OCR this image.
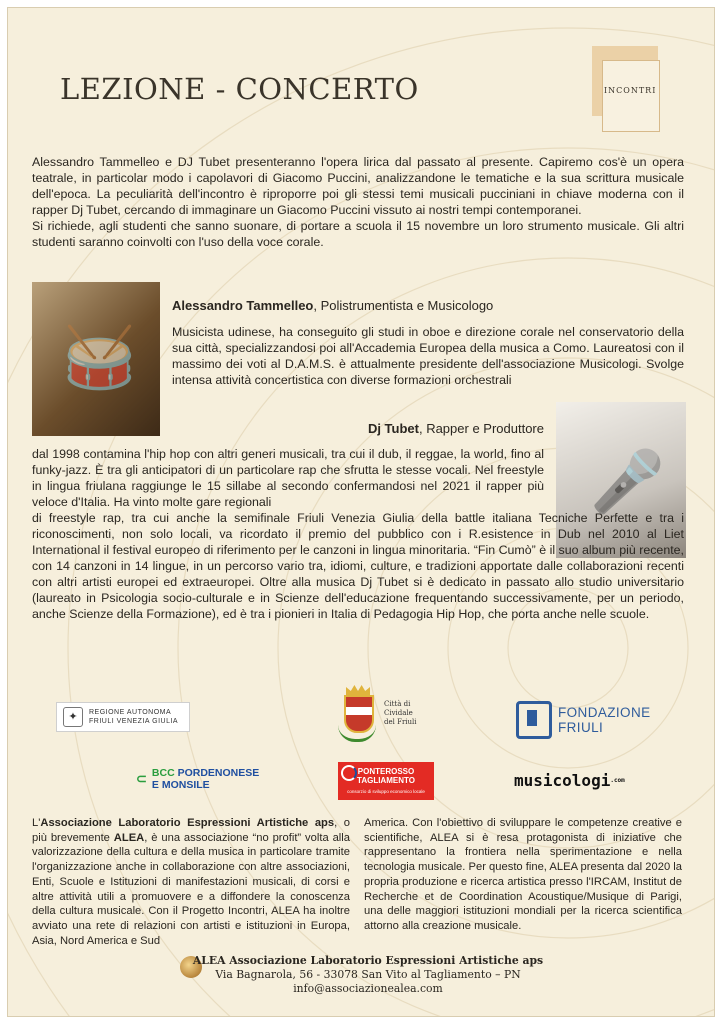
LEZIONE - CONCERTO	INCONTRI

Alessandro Tammelleo e DJ Tubet presenteranno l'opera lirica dal passato al presente. Capiremo cos'è un opera teatrale, in particolar modo i capolavori di Giacomo Puccini, analizzandone le tematiche e la sua scrittura musicale dell'epoca. La peculiarità dell'incontro è riproporre poi gli stessi temi musicali pucciniani in chiave moderna con il rapper Dj Tubet, cercando di immaginare un Giacomo Puccini vissuto ai nostri tempi contemporanei.

Si richiede, agli studenti che sanno suonare, di portare a scuola il 15 novembre un loro strumento musicale. Gli altri studenti saranno coinvolti con l'uso della voce corale.

🥁
Alessandro Tammelleo, Polistrumentista e Musicologo
Musicista udinese, ha conseguito gli studi in oboe e direzione corale nel conservatorio della sua città, specializzandosi poi all'Accademia Europea della musica a Como. Laureatosi con il massimo dei voti al D.A.M.S. è attualmente presidente dell'associazione Musicologi. Svolge intensa attività concertistica con diverse formazioni orchestrali
Dj Tubet, Rapper e Produttore
🎤
dal 1998 contamina l'hip hop con altri generi musicali, tra cui il dub, il reggae, la world, fino al funky-jazz. È tra gli anticipatori di un particolare rap che sfrutta le stesse vocali. Nel freestyle in lingua friulana raggiunge le 15 sillabe al secondo confermandosi nel 2021 il rapper più veloce d'Italia. Ha vinto molte gare regionali
di freestyle rap, tra cui anche la semifinale Friuli Venezia Giulia della battle italiana Tecniche Perfette e tra i riconoscimenti, non solo locali, va ricordato il premio del pubblico con i R.esistence in Dub nel 2010 al Liet International il festival europeo di riferimento per le canzoni in lingua minoritaria. “Fin Cumò” è il suo album più recente, con 14 canzoni in 14 lingue, in un percorso vario tra, idiomi, culture, e tradizioni apportate dalle collaborazioni recenti con altri artisti europei ed extraeuropei. Oltre alla musica Dj Tubet si è dedicato in passato allo studio universitario (laureato in Psicologia socio-culturale e in Scienze dell'educazione frequentando successivamente, per un periodo, anche Scienze della Formazione), ed è tra i pionieri in Italia di Pedagogia Hip Hop, che porta anche nelle scuole.
✦	REGIONE AUTONOMA
FRIULI VENEZIA GIULIA
Città di
Cividale
del Friuli
FONDAZIONE
FRIULI
⊂ BCC PORDENONESE
E MONSILE
PONTEROSSO
TAGLIAMENTO
consorzio di sviluppo economico locale
musicologi .com

L'Associazione Laboratorio Espressioni Artistiche aps, o più brevemente ALEA, è una associazione “no profit” volta alla valorizzazione della cultura e della musica in particolare tramite l'organizzazione anche in collaborazione con altre associazioni, Enti, Scuole e Istituzioni di manifestazioni musicali, di corsi e altre attività utili a promuovere e a diffondere la conoscenza della cultura musicale. Con il Progetto Incontri, ALEA ha inoltre avviato una rete di relazioni con artisti e istituzioni in Europa, Asia, Nord America e Sud

America. Con l'obiettivo di sviluppare le competenze creative e scientifiche, ALEA si è resa protagonista di iniziative che rappresentano la frontiera nella sperimentazione e nella tecnologia musicale. Per questo fine, ALEA presenta dal 2020 la propria produzione e ricerca artistica presso l'IRCAM, Institut de Recherche et de Coordination Acoustique/Musique di Parigi, una delle maggiori istituzioni mondiali per la ricerca scientifica attorno alla creazione musicale.

ALEA Associazione Laboratorio Espressioni Artistiche aps
Via Bagnarola, 56 - 33078 San Vito al Tagliamento – PN
info@associazionealea.com
